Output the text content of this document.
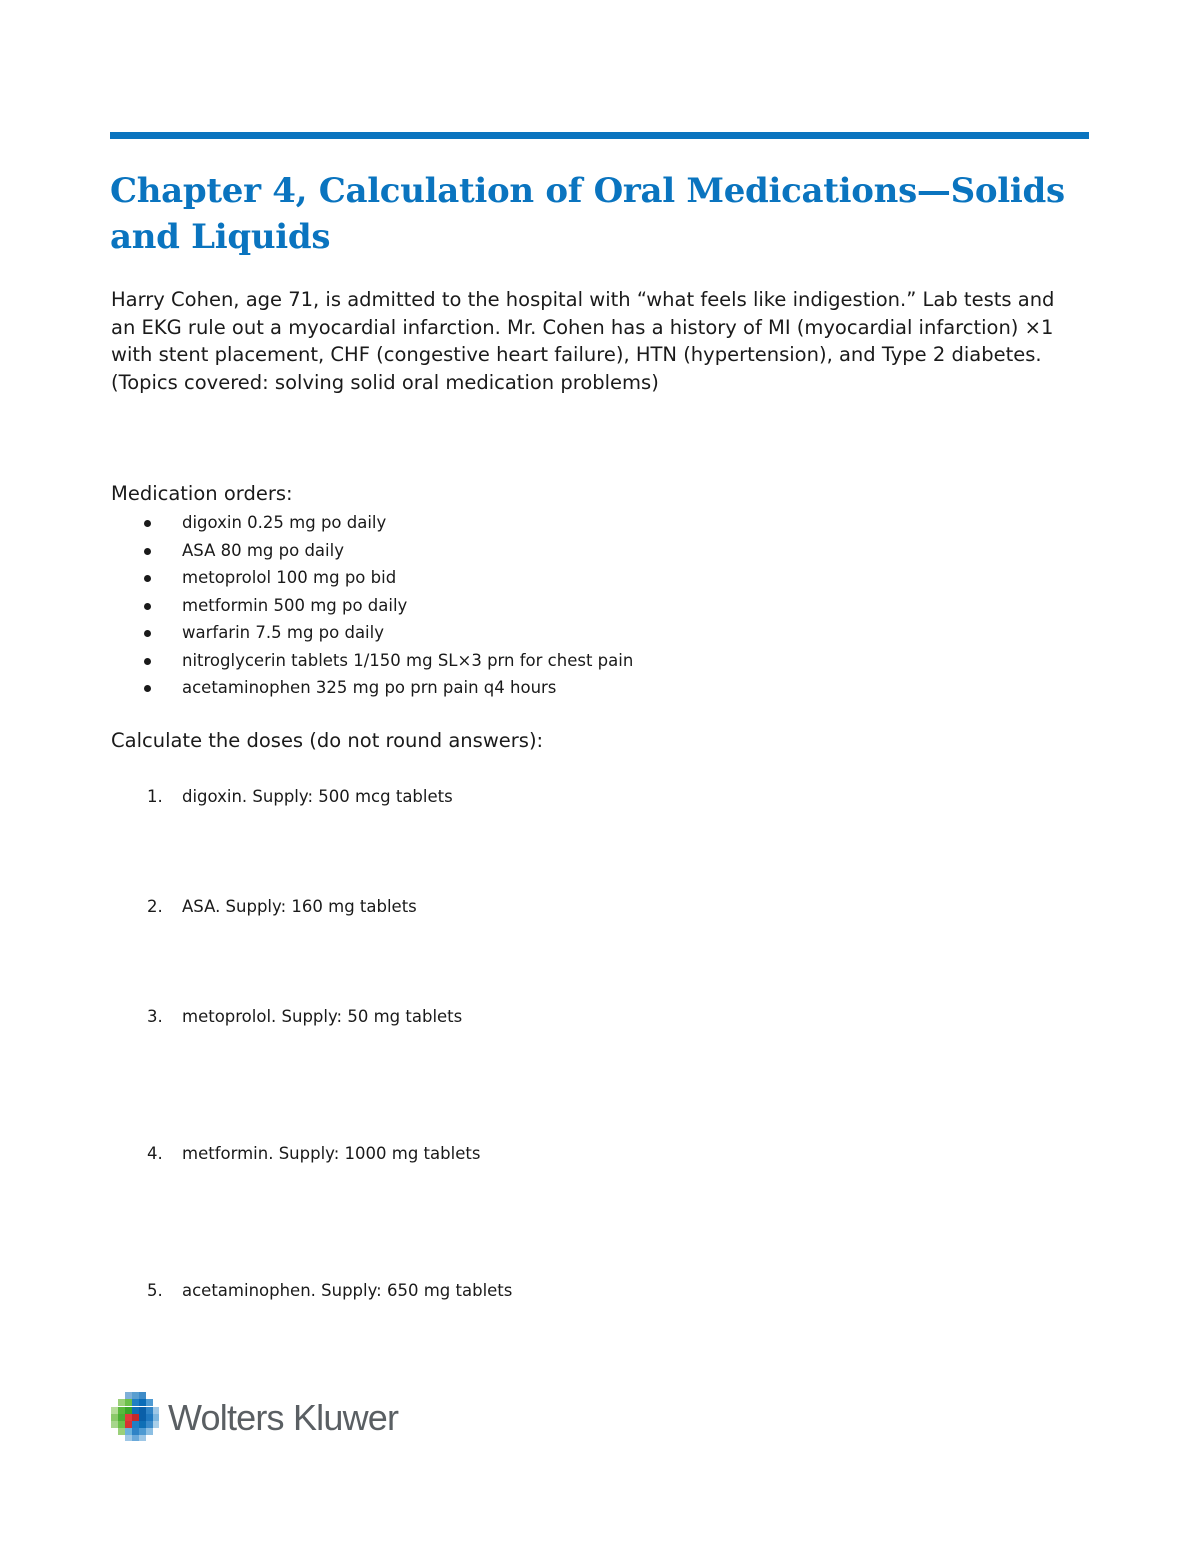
Chapter 4, Calculation of Oral Medications—Solids and Liquids

Harry Cohen, age 71, is admitted to the hospital with “what feels like indigestion.” Lab tests and an EKG rule out a myocardial infarction. Mr. Cohen has a history of MI (myocardial infarction) ×1 with stent placement, CHF (congestive heart failure), HTN (hypertension), and Type 2 diabetes. (Topics covered: solving solid oral medication problems)

Medication orders:

digoxin 0.25 mg po daily
ASA 80 mg po daily
metoprolol 100 mg po bid
metformin 500 mg po daily
warfarin 7.5 mg po daily
nitroglycerin tablets 1/150 mg SL×3 prn for chest pain
acetaminophen 325 mg po prn pain q4 hours

Calculate the doses (do not round answers):

1. digoxin. Supply: 500 mcg tablets
2. ASA. Supply: 160 mg tablets
3. metoprolol. Supply: 50 mg tablets
4. metformin. Supply: 1000 mg tablets
5. acetaminophen. Supply: 650 mg tablets
Wolters Kluwer
